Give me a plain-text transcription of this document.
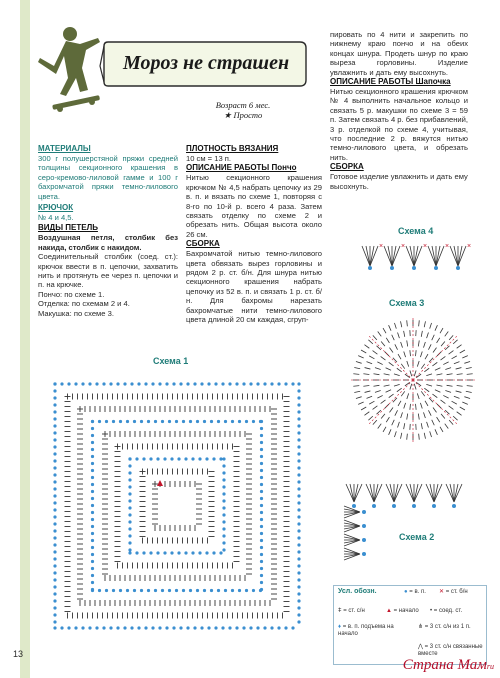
Мороз не страшен
Возраст 6 мес.
★ Просто
МАТЕРИАЛЫ
300 г полушерстяной пряжи средней толщины секционного крашения в серо-кремово-лиловой гамме и 100 г бахромчатой пряжи темно-лилового цвета.
КРЮЧОК
№ 4 и 4,5.
ВИДЫ ПЕТЕЛЬ
Воздушная петля, столбик без накида, столбик с накидом.
Соединительный столбик (соед. ст.): крючок ввести в п. цепочки, захватить нить и протянуть ее через п. цепочки и п. на крючке.
Пончо: по схеме 1.
Отделка: по схемам 2 и 4.
Макушка: по схеме 3.
ПЛОТНОСТЬ ВЯЗАНИЯ
10 см = 13 п.
ОПИСАНИЕ РАБОТЫ Пончо
Нитью секционного крашения крючком № 4,5 набрать цепочку из 29 в. п. и вязать по схеме 1, повторяя с 8-го по 10-й р. всего 4 раза. Затем связать отделку по схеме 2 и обрезать нить. Общая высота около 26 см.
СБОРКА
Бахромчатой нитью темно-лилового цвета обвязать вырез горловины и рядом 2 р. ст. б/н. Для шнура нитью секционного крашения набрать цепочку из 52 в. п. и связать 1 р. ст. б/н. Для бахромы нарезать бахромчатые нити темно-лилового цвета длиной 20 см каждая, сгруп-
пировать по 4 нити и закрепить по нижнему краю пончо и на обеих концах шнура. Продеть шнур по краю выреза горловины. Изделие увлажнить и дать ему высохнуть.
ОПИСАНИЕ РАБОТЫ Шапочка
Нитью секционного крашения крючком № 4 выполнить начальное кольцо и связать 5 р. макушки по схеме 3 = 59 п. Затем связать 4 р. без прибавлений, 3 р. отделкой по схеме 4, учитывая, что последние 2 р. вяжутся нитью темно-лилового цвета, и обрезать нить.
СБОРКА
Готовое изделие увлажнить и дать ему высохнуть.
Схема 1
Схема 4
×	×	×	×	×
Схема 3
Схема 2
Усл. обозн.	● = в. п. ✕ = ст. б/н
ǂ = ст. с/н	▲ = начало • = соед. ст.
♦ = в. п. подъема на начало
⋔ = 3 ст. с/н из 1 п.
⋀ = 3 ст. с/н связанные вместе
13
Страна Мамru
